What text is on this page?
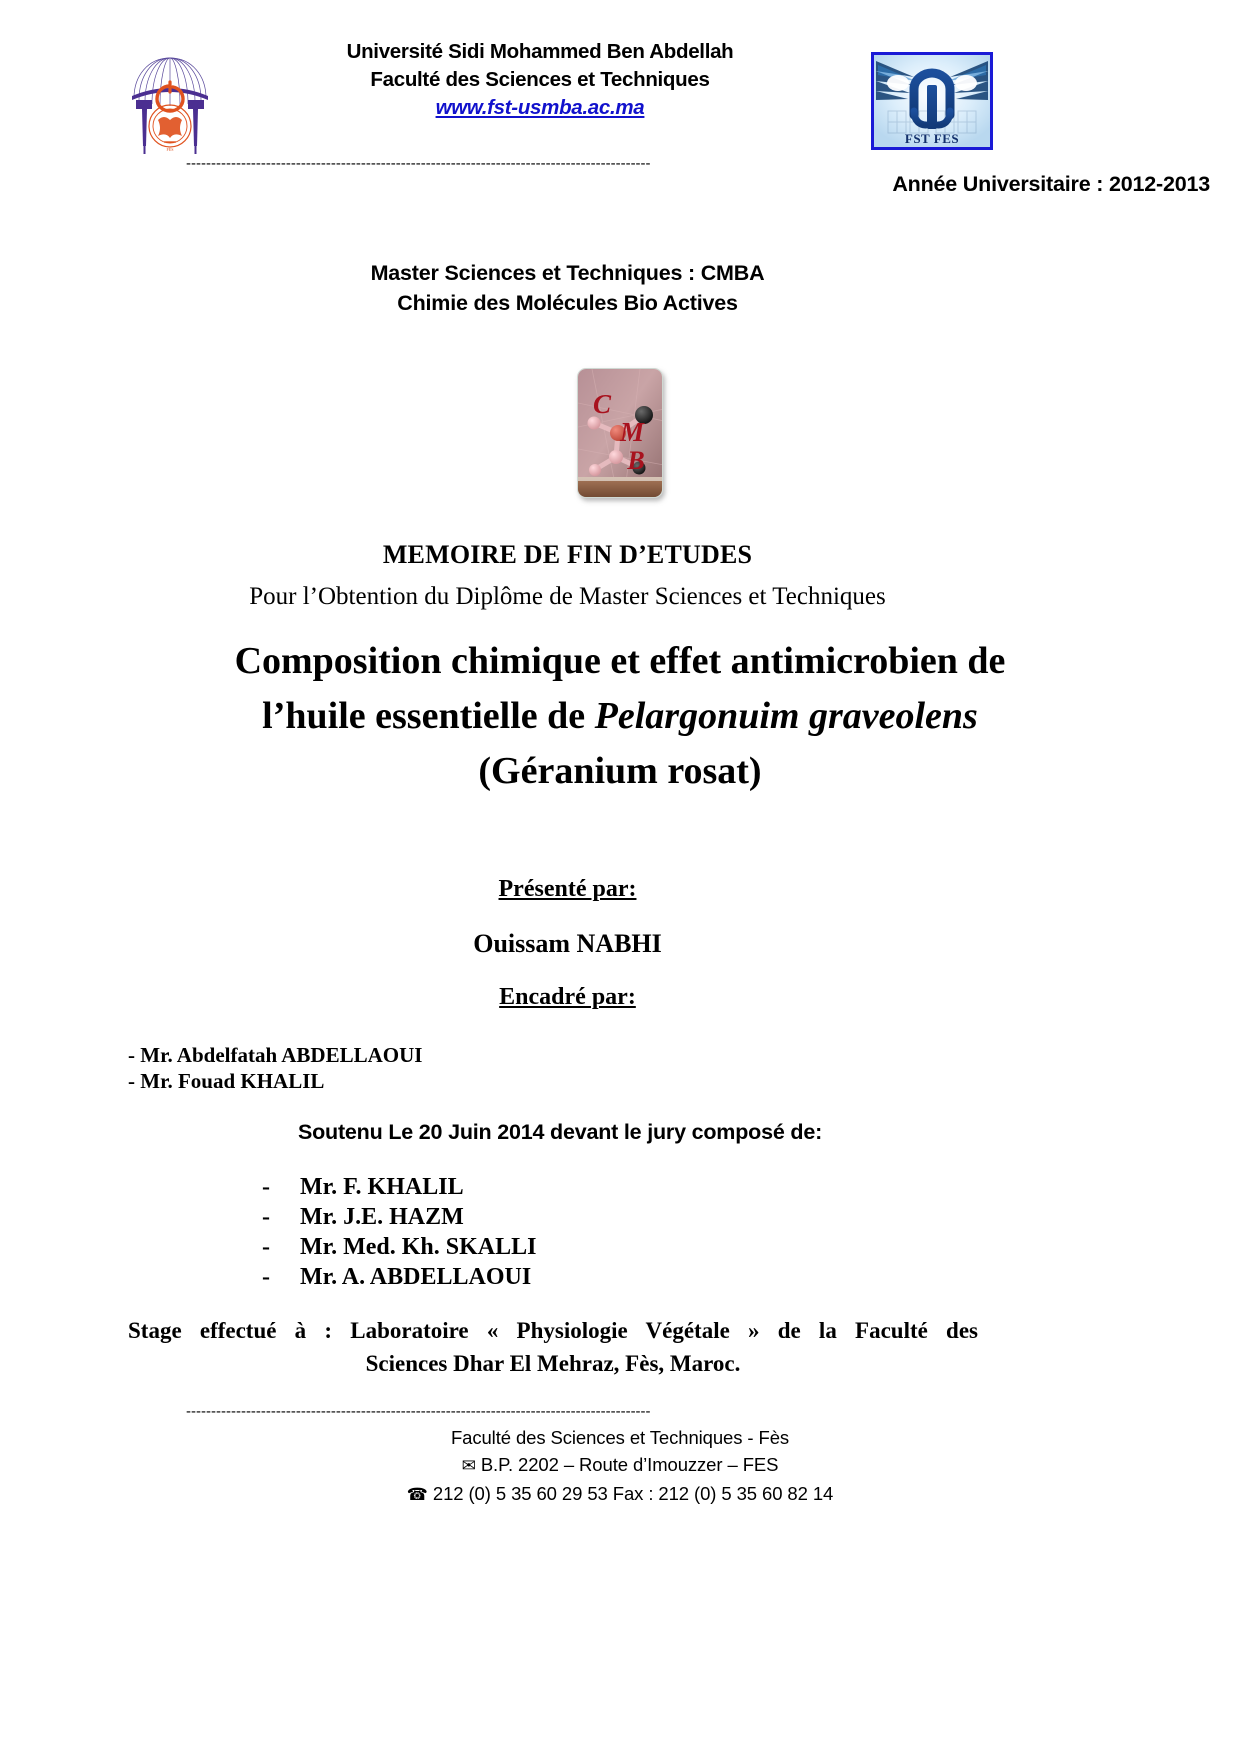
FES
Université Sidi Mohammed Ben Abdellah
Faculté des Sciences et Techniques
www.fst-usmba.ac.ma
FST FES
---------------------------------------------------------------------------------------------
Année Universitaire : 2012-2013
Master Sciences et Techniques : CMBA
Chimie des Molécules Bio Actives
C
M
B
MEMOIRE DE FIN D’ETUDES
Pour l’Obtention du Diplôme de Master Sciences et Techniques
Composition chimique et effet antimicrobien de
l’huile essentielle de Pelargonuim graveolens
(Géranium rosat)
Présenté par:
Ouissam NABHI
Encadré par:
- Mr. Abdelfatah ABDELLAOUI
- Mr. Fouad KHALIL
Soutenu Le 20 Juin 2014 devant le jury composé de:
-	Mr. F. KHALIL
-	Mr. J.E. HAZM
-	Mr. Med. Kh. SKALLI
-	Mr. A. ABDELLAOUI
Stage effectué à : Laboratoire « Physiologie Végétale » de la Faculté des
Sciences Dhar El Mehraz, Fès, Maroc.
---------------------------------------------------------------------------------------------
Faculté des Sciences et Techniques - Fès
✉ B.P. 2202 – Route d’Imouzzer – FES
☎ 212 (0) 5 35 60 29 53 Fax : 212 (0) 5 35 60 82 14
